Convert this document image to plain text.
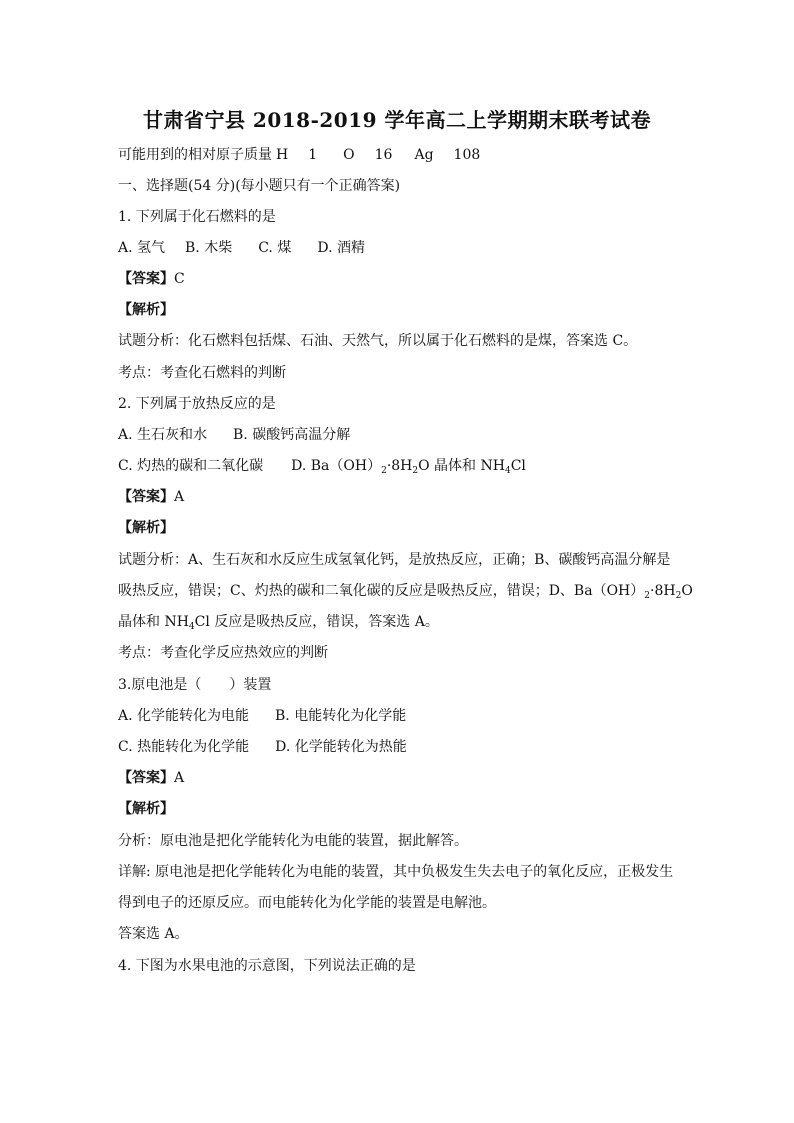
甘肃省宁县 2018-2019 学年高二上学期期末联考试卷
可能用到的相对原子质量 H 1 O 16 Ag 108
一、选择题(54 分)(每小题只有一个正确答案)
1. 下列属于化石燃料的是
A. 氢气 B. 木柴 C. 煤 D. 酒精
【答案】C
【解析】
试题分析：化石燃料包括煤、石油、天然气，所以属于化石燃料的是煤，答案选 C。
考点：考查化石燃料的判断
2. 下列属于放热反应的是
A. 生石灰和水 B. 碳酸钙高温分解
C. 灼热的碳和二氧化碳 D. $Ba(OH)_2\cdot 8H_2O$ 晶体和 $NH_4Cl$
【答案】A
【解析】
试题分析：A、生石灰和水反应生成氢氧化钙，是放热反应，正确；B、碳酸钙高温分解是
吸热反应，错误；C、灼热的碳和二氧化碳的反应是吸热反应，错误；D、$Ba(OH)_2\cdot 8H_2O$
晶体和 $NH_4Cl$ 反应是吸热反应，错误，答案选 A。
考点：考查化学反应热效应的判断
3.原电池是（　　）装置
A. 化学能转化为电能 B. 电能转化为化学能
C. 热能转化为化学能 D. 化学能转化为热能
【答案】A
【解析】
分析：原电池是把化学能转化为电能的装置，据此解答。
详解: 原电池是把化学能转化为电能的装置，其中负极发生失去电子的氧化反应，正极发生
得到电子的还原反应。而电能转化为化学能的装置是电解池。
答案选 A。
4. 下图为水果电池的示意图，下列说法正确的是
